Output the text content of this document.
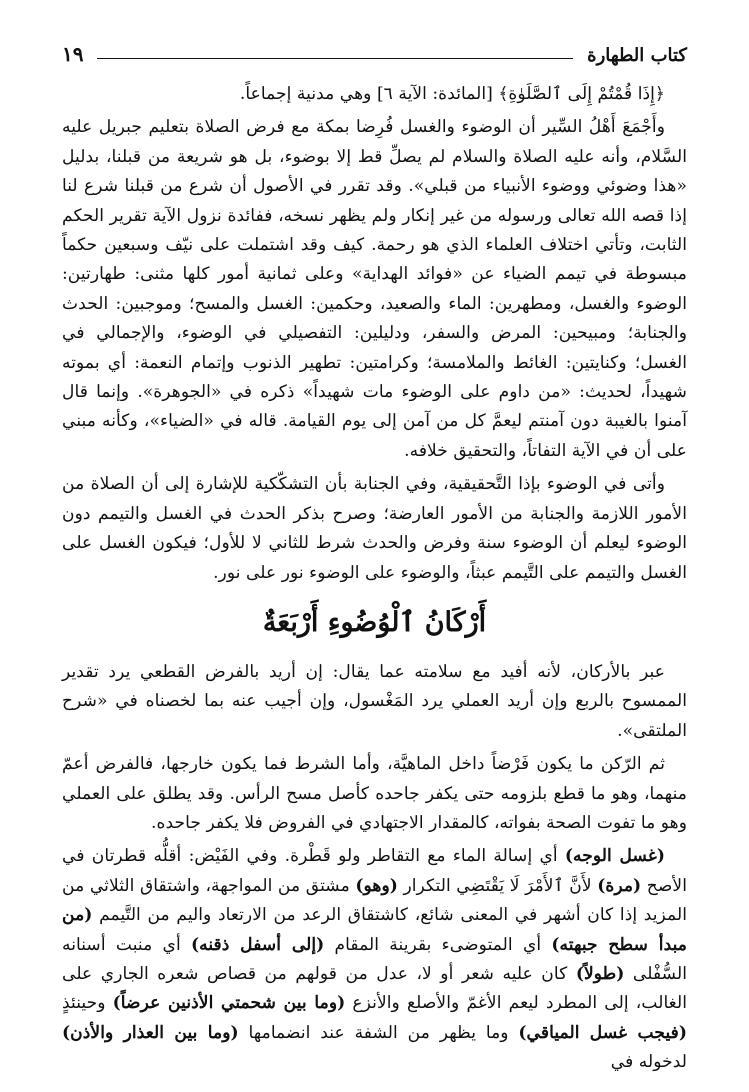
كتاب الطهارة
١٩

﴿إِذَا قُمْتُمْ إِلَى ٱلصَّلَوٰةِ﴾ [المائدة: الآية ٦] وهي مدنية إجماعاً.

وأَجْمَعَ أَهْلُ السِّير أن الوضوء والغسل فُرِضا بمكة مع فرض الصلاة بتعليم جبريل عليه السَّلام، وأنه عليه الصلاة والسلام لم يصلِّ قط إلا بوضوء، بل هو شريعة من قبلنا، بدليل «هذا وضوئي ووضوء الأنبياء من قبلي». وقد تقرر في الأصول أن شرع من قبلنا شرع لنا إذا قصه الله تعالى ورسوله من غير إنكار ولم يظهر نسخه، ففائدة نزول الآية تقرير الحكم الثابت، وتأتي اختلاف العلماء الذي هو رحمة. كيف وقد اشتملت على نيّف وسبعين حكماً مبسوطة في تيمم الضياء عن «فوائد الهداية» وعلى ثمانية أمور كلها مثنى: طهارتين: الوضوء والغسل، ومطهرين: الماء والصعيد، وحكمين: الغسل والمسح؛ وموجبين: الحدث والجنابة؛ ومبيحين: المرض والسفر، ودليلين: التفصيلي في الوضوء، والإجمالي في الغسل؛ وكنايتين: الغائط والملامسة؛ وكرامتين: تطهير الذنوب وإتمام النعمة: أي بموته شهيداً، لحديث: «من داوم على الوضوء مات شهيداً» ذكره في «الجوهرة». وإنما قال آمنوا بالغيبة دون آمنتم ليعمَّ كل من آمن إلى يوم القيامة. قاله في «الضياء»، وكأنه مبني على أن في الآية التفاتاً، والتحقيق خلافه.

وأتى في الوضوء بإذا التَّحقيقية، وفي الجنابة بأن التشكّكية للإشارة إلى أن الصلاة من الأمور اللازمة والجنابة من الأمور العارضة؛ وصرح بذكر الحدث في الغسل والتيمم دون الوضوء ليعلم أن الوضوء سنة وفرض والحدث شرط للثاني لا للأول؛ فيكون الغسل على الغسل والتيمم على التَّيمم عبثاً، والوضوء على الوضوء نور على نور.

أَرْكَانُ ٱلْوُضُوءِ أَرْبَعَةٌ

عبر بالأركان، لأنه أفيد مع سلامته عما يقال: إن أريد بالفرض القطعي يرد تقدير الممسوح بالربع وإن أريد العملي يرد المَغْسول، وإن أجيب عنه بما لخصناه في «شرح الملتقى».

ثم الرّكن ما يكون فَرْضاً داخل الماهيَّة، وأما الشرط فما يكون خارجها، فالفرض أعمّ منهما، وهو ما قطع بلزومه حتى يكفر جاحده كأصل مسح الرأس. وقد يطلق على العملي وهو ما تفوت الصحة بفواته، كالمقدار الاجتهادي في الفروض فلا يكفر جاحده.

(غسل الوجه) أي إسالة الماء مع التقاطر ولو قَطْرة. وفي الفَيْض: أقلُّه قطرتان في الأصح (مرة) لأَنَّ ٱلأَمْرَ لَا يَقْتَضِي التكرار (وهو) مشتق من المواجهة، واشتقاق الثلاثي من المزيد إذا كان أشهر في المعنى شائع، كاشتقاق الرعد من الارتعاد واليم من التَّيمم (من مبدأ سطح جبهته) أي المتوضىء بقرينة المقام (إلى أسفل ذقنه) أي منبت أسنانه السُّفْلى (طولاً) كان عليه شعر أو لا، عدل من قولهم من قصاص شعره الجاري على الغالب، إلى المطرد ليعم الأغمّ والأصلع والأنزع (وما بين شحمتي الأذنين عرضاً) وحينئذٍ (فيجب غسل المياقي) وما يظهر من الشفة عند انضمامها (وما بين العذار والأذن) لدخوله في
